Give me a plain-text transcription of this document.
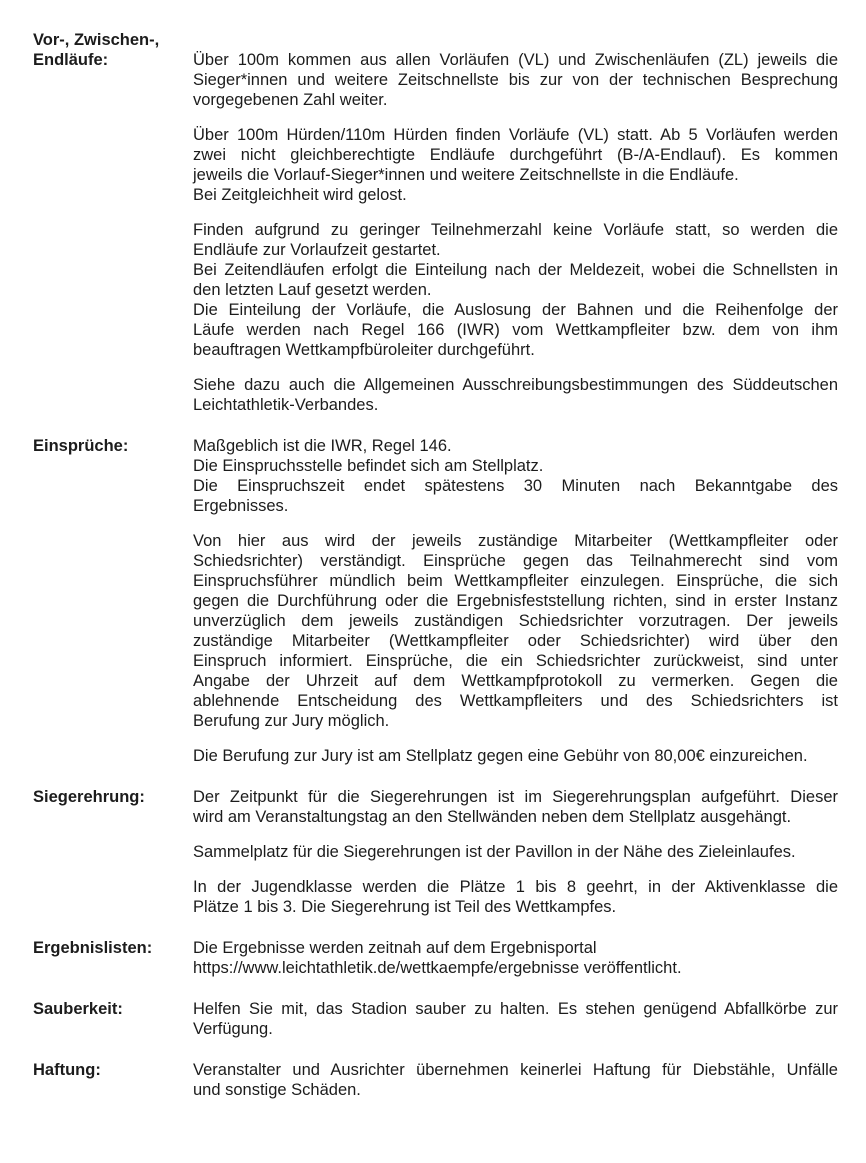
Vor-, Zwischen-,
Endläufe:	Über 100m kommen aus allen Vorläufen (VL) und Zwischenläufen (ZL) jeweils die
Sieger*innen und weitere Zeitschnellste bis zur von der technischen Besprechung
vorgegebenen Zahl weiter.
Über 100m Hürden/110m Hürden finden Vorläufe (VL) statt. Ab 5 Vorläufen werden
zwei nicht gleichberechtigte Endläufe durchgeführt (B-/A-Endlauf). Es kommen
jeweils die Vorlauf-Sieger*innen und weitere Zeitschnellste in die Endläufe.
Bei Zeitgleichheit wird gelost.
Finden aufgrund zu geringer Teilnehmerzahl keine Vorläufe statt, so werden die
Endläufe zur Vorlaufzeit gestartet.
Bei Zeitendläufen erfolgt die Einteilung nach der Meldezeit, wobei die Schnellsten in
den letzten Lauf gesetzt werden.
Die Einteilung der Vorläufe, die Auslosung der Bahnen und die Reihenfolge der
Läufe werden nach Regel 166 (IWR) vom Wettkampfleiter bzw. dem von ihm
beauftragen Wettkampfbüroleiter durchgeführt.
Siehe dazu auch die Allgemeinen Ausschreibungsbestimmungen des Süddeutschen
Leichtathletik-Verbandes.
Einsprüche:	Maßgeblich ist die IWR, Regel 146.
Die Einspruchsstelle befindet sich am Stellplatz.
Die Einspruchszeit endet spätestens 30 Minuten nach Bekanntgabe des
Ergebnisses.
Von hier aus wird der jeweils zuständige Mitarbeiter (Wettkampfleiter oder
Schiedsrichter) verständigt. Einsprüche gegen das Teilnahmerecht sind vom
Einspruchsführer mündlich beim Wettkampfleiter einzulegen. Einsprüche, die sich
gegen die Durchführung oder die Ergebnisfeststellung richten, sind in erster Instanz
unverzüglich dem jeweils zuständigen Schiedsrichter vorzutragen. Der jeweils
zuständige Mitarbeiter (Wettkampfleiter oder Schiedsrichter) wird über den
Einspruch informiert. Einsprüche, die ein Schiedsrichter zurückweist, sind unter
Angabe der Uhrzeit auf dem Wettkampfprotokoll zu vermerken. Gegen die
ablehnende Entscheidung des Wettkampfleiters und des Schiedsrichters ist
Berufung zur Jury möglich.
Die Berufung zur Jury ist am Stellplatz gegen eine Gebühr von 80,00€ einzureichen.
Siegerehrung:	Der Zeitpunkt für die Siegerehrungen ist im Siegerehrungsplan aufgeführt. Dieser
wird am Veranstaltungstag an den Stellwänden neben dem Stellplatz ausgehängt.
Sammelplatz für die Siegerehrungen ist der Pavillon in der Nähe des Zieleinlaufes.
In der Jugendklasse werden die Plätze 1 bis 8 geehrt, in der Aktivenklasse die
Plätze 1 bis 3. Die Siegerehrung ist Teil des Wettkampfes.
Ergebnislisten:	Die Ergebnisse werden zeitnah auf dem Ergebnisportal
https://www.leichtathletik.de/wettkaempfe/ergebnisse veröffentlicht.
Sauberkeit:	Helfen Sie mit, das Stadion sauber zu halten. Es stehen genügend Abfallkörbe zur
Verfügung.
Haftung:	Veranstalter und Ausrichter übernehmen keinerlei Haftung für Diebstähle, Unfälle
und sonstige Schäden.
